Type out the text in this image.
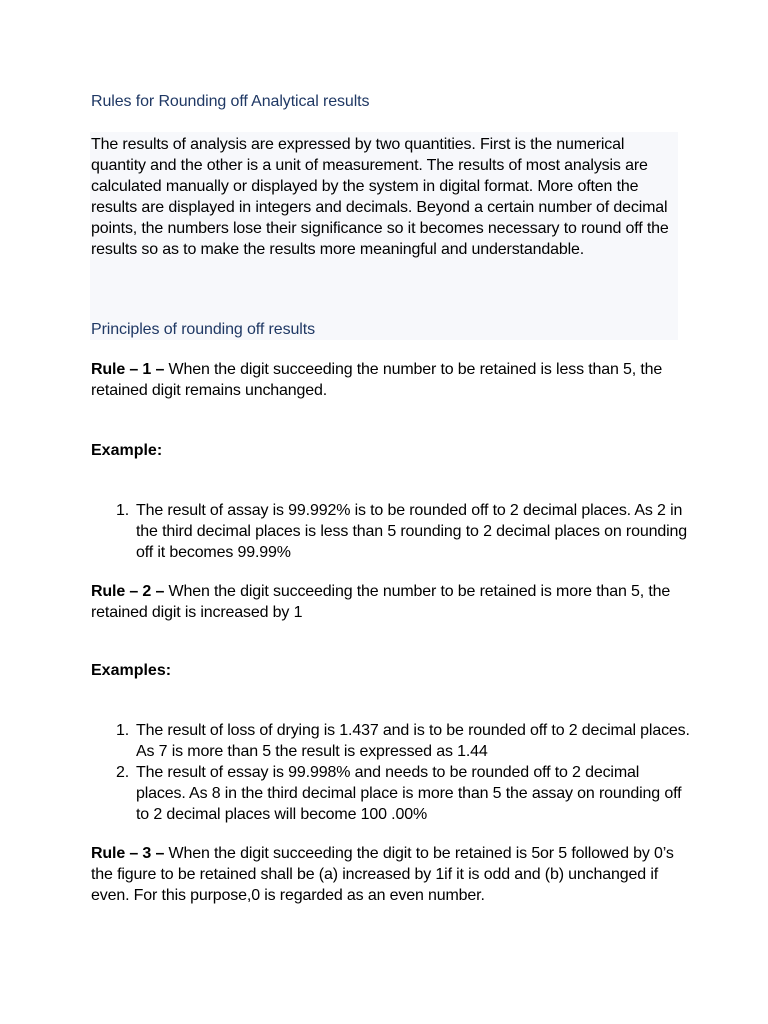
Rules for Rounding off Analytical results
The results of analysis are expressed by two quantities. First is the numerical quantity and the other is a unit of measurement. The results of most analysis are calculated manually or displayed by the system in digital format. More often the results are displayed in integers and decimals. Beyond a certain number of decimal points, the numbers lose their significance so it becomes necessary to round off the results so as to make the results more meaningful and understandable.
Principles of rounding off results
Rule – 1 – When the digit succeeding the number to be retained is less than 5, the retained digit remains unchanged.
Example:
1. The result of assay is 99.992% is to be rounded off to 2 decimal places. As 2 in the third decimal places is less than 5 rounding to 2 decimal places on rounding off it becomes 99.99%
Rule – 2 – When the digit succeeding the number to be retained is more than 5, the retained digit is increased by 1
Examples:
1. The result of loss of drying is 1.437 and is to be rounded off to 2 decimal places. As 7 is more than 5 the result is expressed as 1.44
2. The result of essay is 99.998% and needs to be rounded off to 2 decimal places. As 8 in the third decimal place is more than 5 the assay on rounding off to 2 decimal places will become 100 .00%
Rule – 3 – When the digit succeeding the digit to be retained is 5or 5 followed by 0’s the figure to be retained shall be (a) increased by 1if it is odd and (b) unchanged if even. For this purpose,0 is regarded as an even number.
